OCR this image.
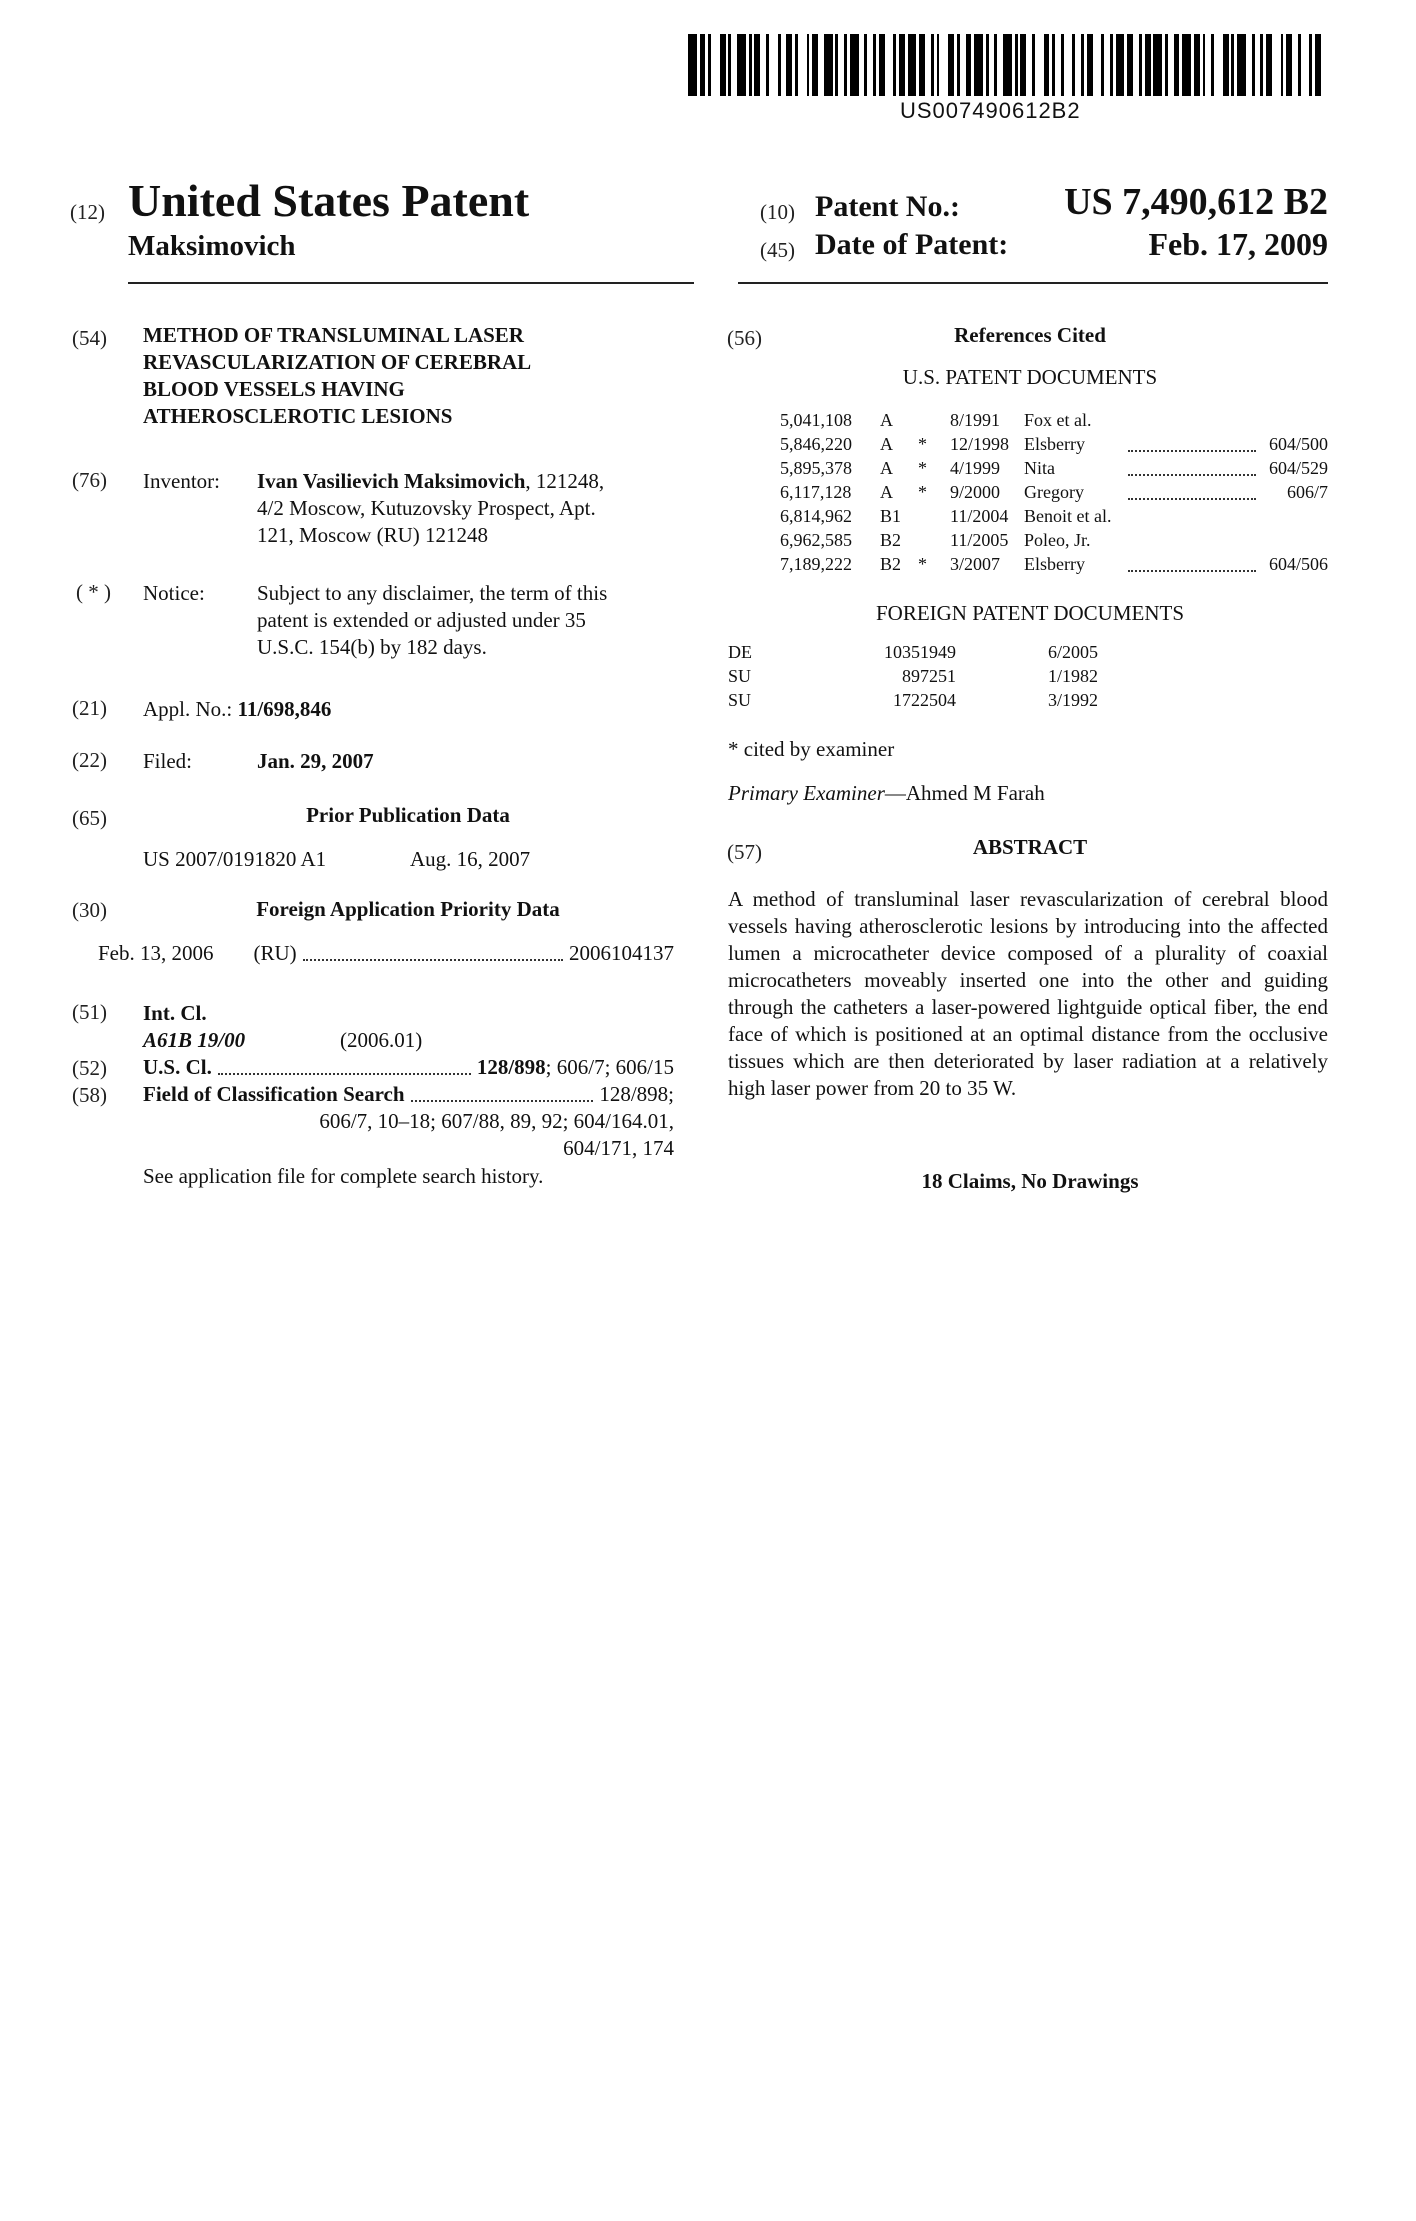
US007490612B2
(12) United States Patent
Maksimovich
(10) Patent No.:	US 7,490,612 B2
(45) Date of Patent:	Feb. 17, 2009
(54) METHOD OF TRANSLUMINAL LASER
REVASCULARIZATION OF CEREBRAL
BLOOD VESSELS HAVING
ATHEROSCLEROTIC LESIONS
(76) Inventor: Ivan Vasilievich Maksimovich, 121248,
4/2 Moscow, Kutuzovsky Prospect, Apt.
121, Moscow (RU) 121248
( * ) Notice: Subject to any disclaimer, the term of this
patent is extended or adjusted under 35
U.S.C. 154(b) by 182 days.
(21) Appl. No.: 11/698,846
(22) Filed:	Jan. 29, 2007
(65)	Prior Publication Data
US 2007/0191820 A1	Aug. 16, 2007
(30)	Foreign Application Priority Data
Feb. 13, 2006 (RU)	2006104137
(51) Int. Cl.
A61B 19/00	(2006.01)
(52) U.S. Cl.	128/898 ; 606/7; 606/15
(58) Field of Classification Search	128/898;
606/7, 10–18; 607/88, 89, 92; 604/164.01,
604/171, 174
See application file for complete search history.
(56)	References Cited
U.S. PATENT DOCUMENTS
5,041,108 A	8/1991 Fox et al.
5,846,220 A * 12/1998 Elsberry	604/500
5,895,378 A * 4/1999 Nita	604/529
6,117,128 A * 9/2000 Gregory	606/7
6,814,962 B1	11/2004 Benoit et al.
6,962,585 B2	11/2005 Poleo, Jr.
7,189,222 B2 * 3/2007 Elsberry	604/506
FOREIGN PATENT DOCUMENTS
DE	10351949	6/2005
SU	897251	1/1982
SU	1722504	3/1992
* cited by examiner
Primary Examiner—Ahmed M Farah
(57)	ABSTRACT
A method of transluminal laser revascularization of cerebral blood vessels having atherosclerotic lesions by introducing into the affected lumen a microcatheter device composed of a plurality of coaxial microcatheters moveably inserted one into the other and guiding through the catheters a laser-powered lightguide optical fiber, the end face of which is positioned at an optimal distance from the occlusive tissues which are then deteriorated by laser radiation at a relatively high laser power from 20 to 35 W.
18 Claims, No Drawings
